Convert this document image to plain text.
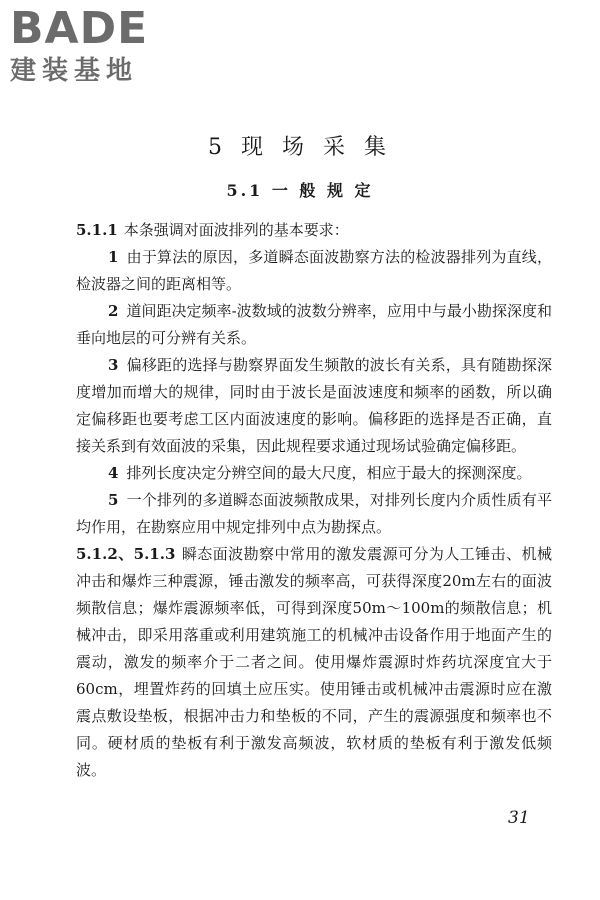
BADE
建装基地
5 现 场 采 集
5.1 一 般 规 定

5.1.1 本条强调对面波排列的基本要求：

1 由于算法的原因，多道瞬态面波勘察方法的检波器排列为直线，检波器之间的距离相等。

2 道间距决定频率-波数域的波数分辨率，应用中与最小勘探深度和垂向地层的可分辨有关系。

3 偏移距的选择与勘察界面发生频散的波长有关系，具有随勘探深度增加而增大的规律，同时由于波长是面波速度和频率的函数，所以确定偏移距也要考虑工区内面波速度的影响。偏移距的选择是否正确，直接关系到有效面波的采集，因此规程要求通过现场试验确定偏移距。

4 排列长度决定分辨空间的最大尺度，相应于最大的探测深度。

5 一个排列的多道瞬态面波频散成果，对排列长度内介质性质有平均作用，在勘察应用中规定排列中点为勘探点。

5.1.2、5.1.3 瞬态面波勘察中常用的激发震源可分为人工锤击、机械冲击和爆炸三种震源，锤击激发的频率高，可获得深度20m左右的面波频散信息；爆炸震源频率低，可得到深度50m～100m的频散信息；机械冲击，即采用落重或利用建筑施工的机械冲击设备作用于地面产生的震动，激发的频率介于二者之间。使用爆炸震源时炸药坑深度宜大于60cm，埋置炸药的回填土应压实。使用锤击或机械冲击震源时应在激震点敷设垫板，根据冲击力和垫板的不同，产生的震源强度和频率也不同。硬材质的垫板有利于激发高频波，软材质的垫板有利于激发低频波。

31
